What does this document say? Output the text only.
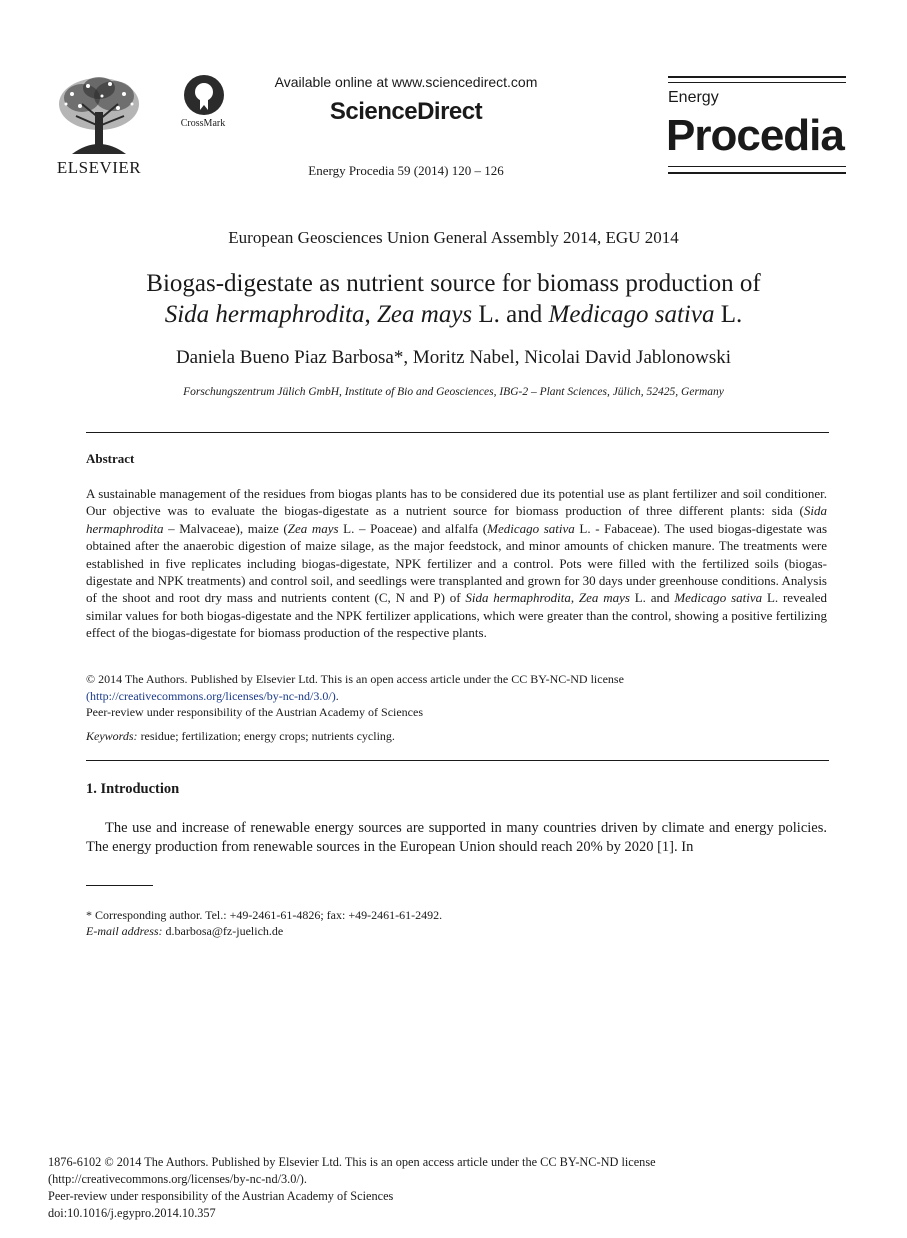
ELSEVIER
CrossMark
Available online at www.sciencedirect.com
ScienceDirect
Energy Procedia 59 (2014) 120 – 126
Energy
Procedia
European Geosciences Union General Assembly 2014, EGU 2014
Biogas-digestate as nutrient source for biomass production of
Sida hermaphrodita, Zea mays L. and Medicago sativa L.
Daniela Bueno Piaz Barbosa*, Moritz Nabel, Nicolai David Jablonowski
Forschungszentrum Jülich GmbH, Institute of Bio and Geosciences, IBG-2 – Plant Sciences, Jülich, 52425, Germany
Abstract
A sustainable management of the residues from biogas plants has to be considered due its potential use as plant fertilizer and soil conditioner. Our objective was to evaluate the biogas-digestate as a nutrient source for biomass production of three different plants: sida (Sida hermaphrodita – Malvaceae), maize (Zea mays L. – Poaceae) and alfalfa (Medicago sativa L. - Fabaceae). The used biogas-digestate was obtained after the anaerobic digestion of maize silage, as the major feedstock, and minor amounts of chicken manure. The treatments were established in five replicates including biogas-digestate, NPK fertilizer and a control. Pots were filled with the fertilized soils (biogas-digestate and NPK treatments) and control soil, and seedlings were transplanted and grown for 30 days under greenhouse conditions. Analysis of the shoot and root dry mass and nutrients content (C, N and P) of Sida hermaphrodita, Zea mays L. and Medicago sativa L. revealed similar values for both biogas-digestate and the NPK fertilizer applications, which were greater than the control, showing a positive fertilizing effect of the biogas-digestate for biomass production of the respective plants.
© 2014 The Authors. Published by Elsevier Ltd. This is an open access article under the CC BY-NC-ND license
(http://creativecommons.org/licenses/by-nc-nd/3.0/).
Peer-review under responsibility of the Austrian Academy of Sciences
Keywords: residue; fertilization; energy crops; nutrients cycling.
1. Introduction
The use and increase of renewable energy sources are supported in many countries driven by climate and energy policies. The energy production from renewable sources in the European Union should reach 20% by 2020 [1]. In
* Corresponding author. Tel.: +49-2461-61-4826; fax: +49-2461-61-2492.
E-mail address: d.barbosa@fz-juelich.de
1876-6102 © 2014 The Authors. Published by Elsevier Ltd. This is an open access article under the CC BY-NC-ND license
(http://creativecommons.org/licenses/by-nc-nd/3.0/).
Peer-review under responsibility of the Austrian Academy of Sciences
doi:10.1016/j.egypro.2014.10.357
